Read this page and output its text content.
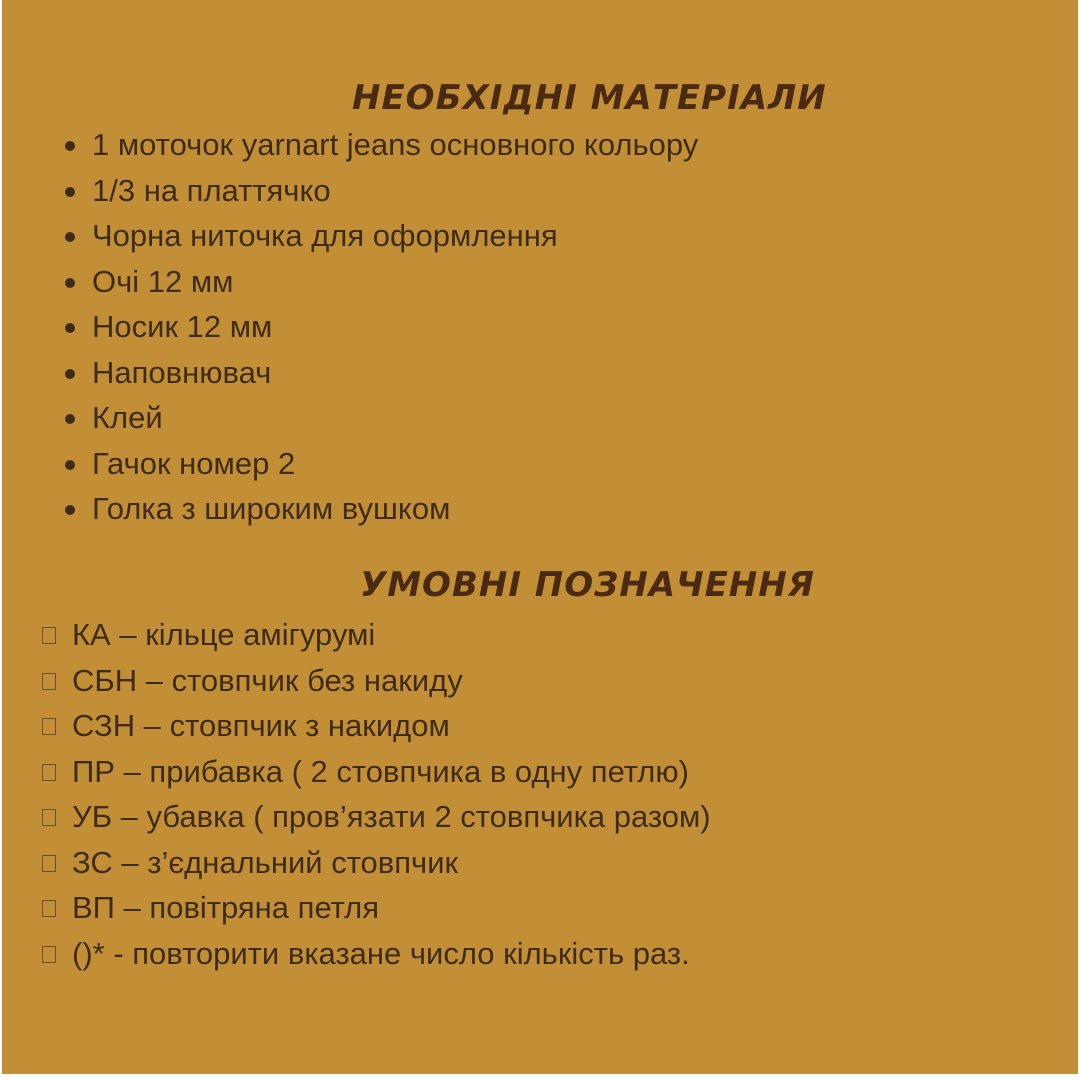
НЕОБХІДНІ МАТЕРІАЛИ
1 моточок yarnart jeans основного кольору
1/3 на платтячко
Чорна ниточка для оформлення
Очі 12 мм
Носик 12 мм
Наповнювач
Клей
Гачок номер 2
Голка з широким вушком
УМОВНІ ПОЗНАЧЕННЯ
КА – кільце амігурумі
СБН – стовпчик без накиду
СЗН – стовпчик з накидом
ПР – прибавка ( 2 стовпчика в одну петлю)
УБ – убавка ( пров’язати 2 стовпчика разом)
ЗС – з’єднальний стовпчик
ВП – повітряна петля
()* - повторити вказане число кількість раз.
